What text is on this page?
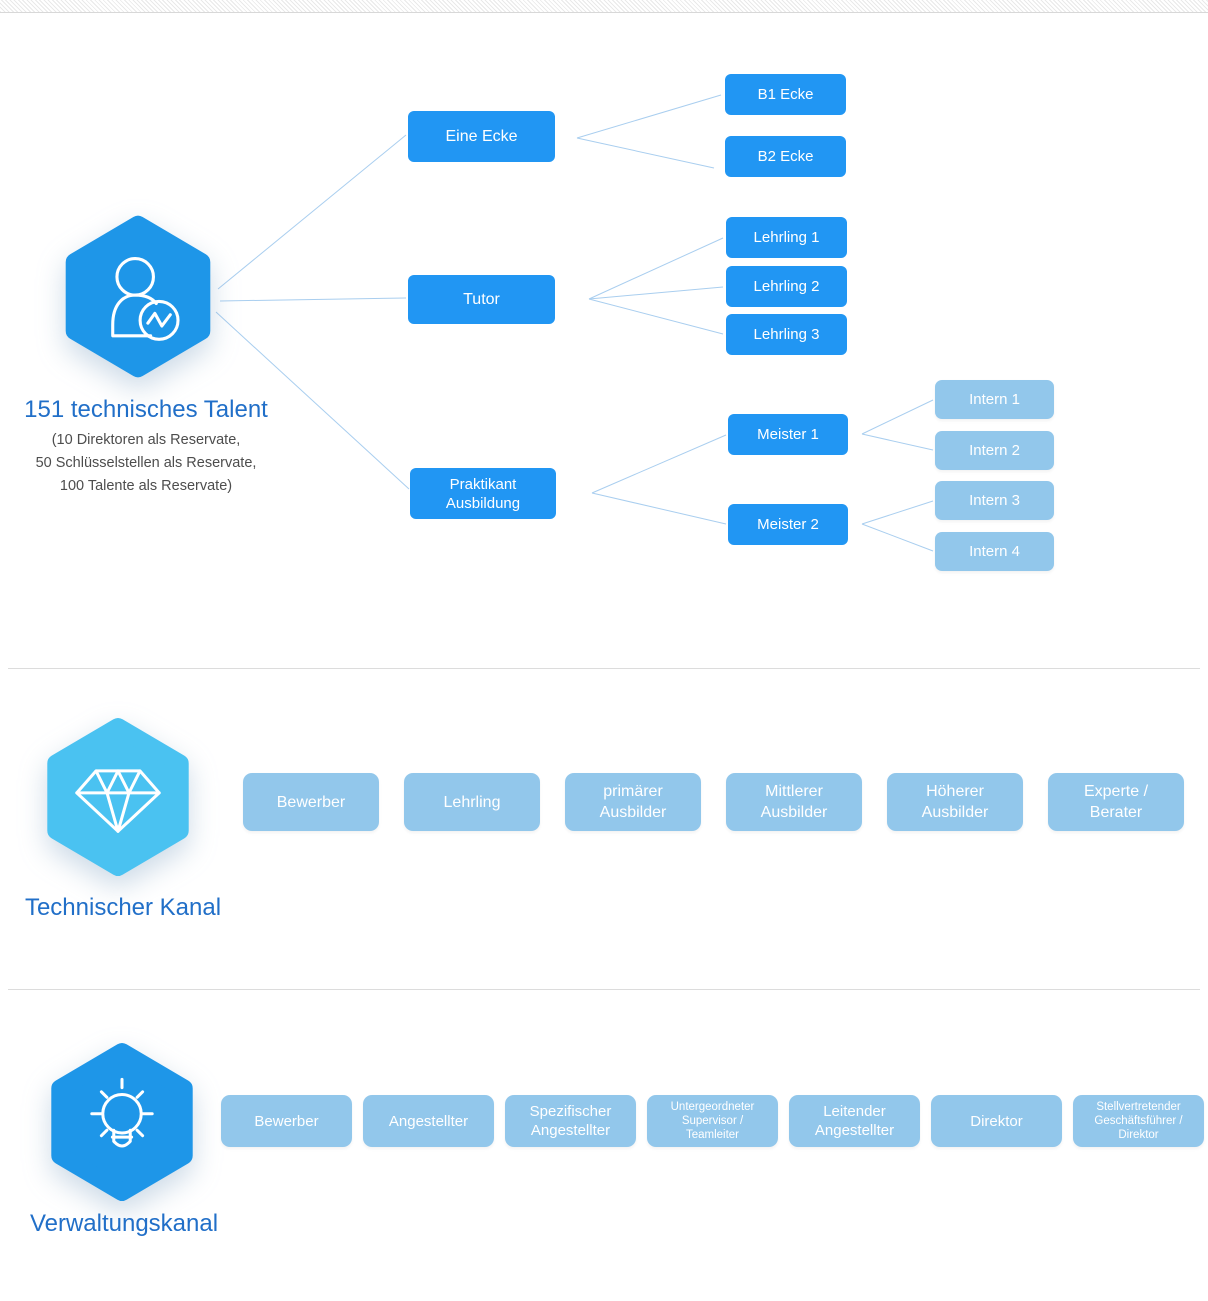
151 technisches Talent
(10 Direktoren als Reservate,
50 Schlüsselstellen als Reservate,
100 Talente als Reservate)
Eine Ecke
Tutor
Praktikant
Ausbildung
B1 Ecke
B2 Ecke
Lehrling 1
Lehrling 2
Lehrling 3
Meister 1
Meister 2
Intern 1
Intern 2
Intern 3
Intern 4
Technischer Kanal
Bewerber	Lehrling
primärer
Ausbilder
Mittlerer
Ausbilder
Höherer
Ausbilder
Experte /
Berater
Verwaltungskanal
Bewerber	Angestellter
Spezifischer
Angestellter
Untergeordneter
Supervisor /
Teamleiter
Leitender
Angestellter
Direktor
Stellvertretender
Geschäftsführer /
Direktor
